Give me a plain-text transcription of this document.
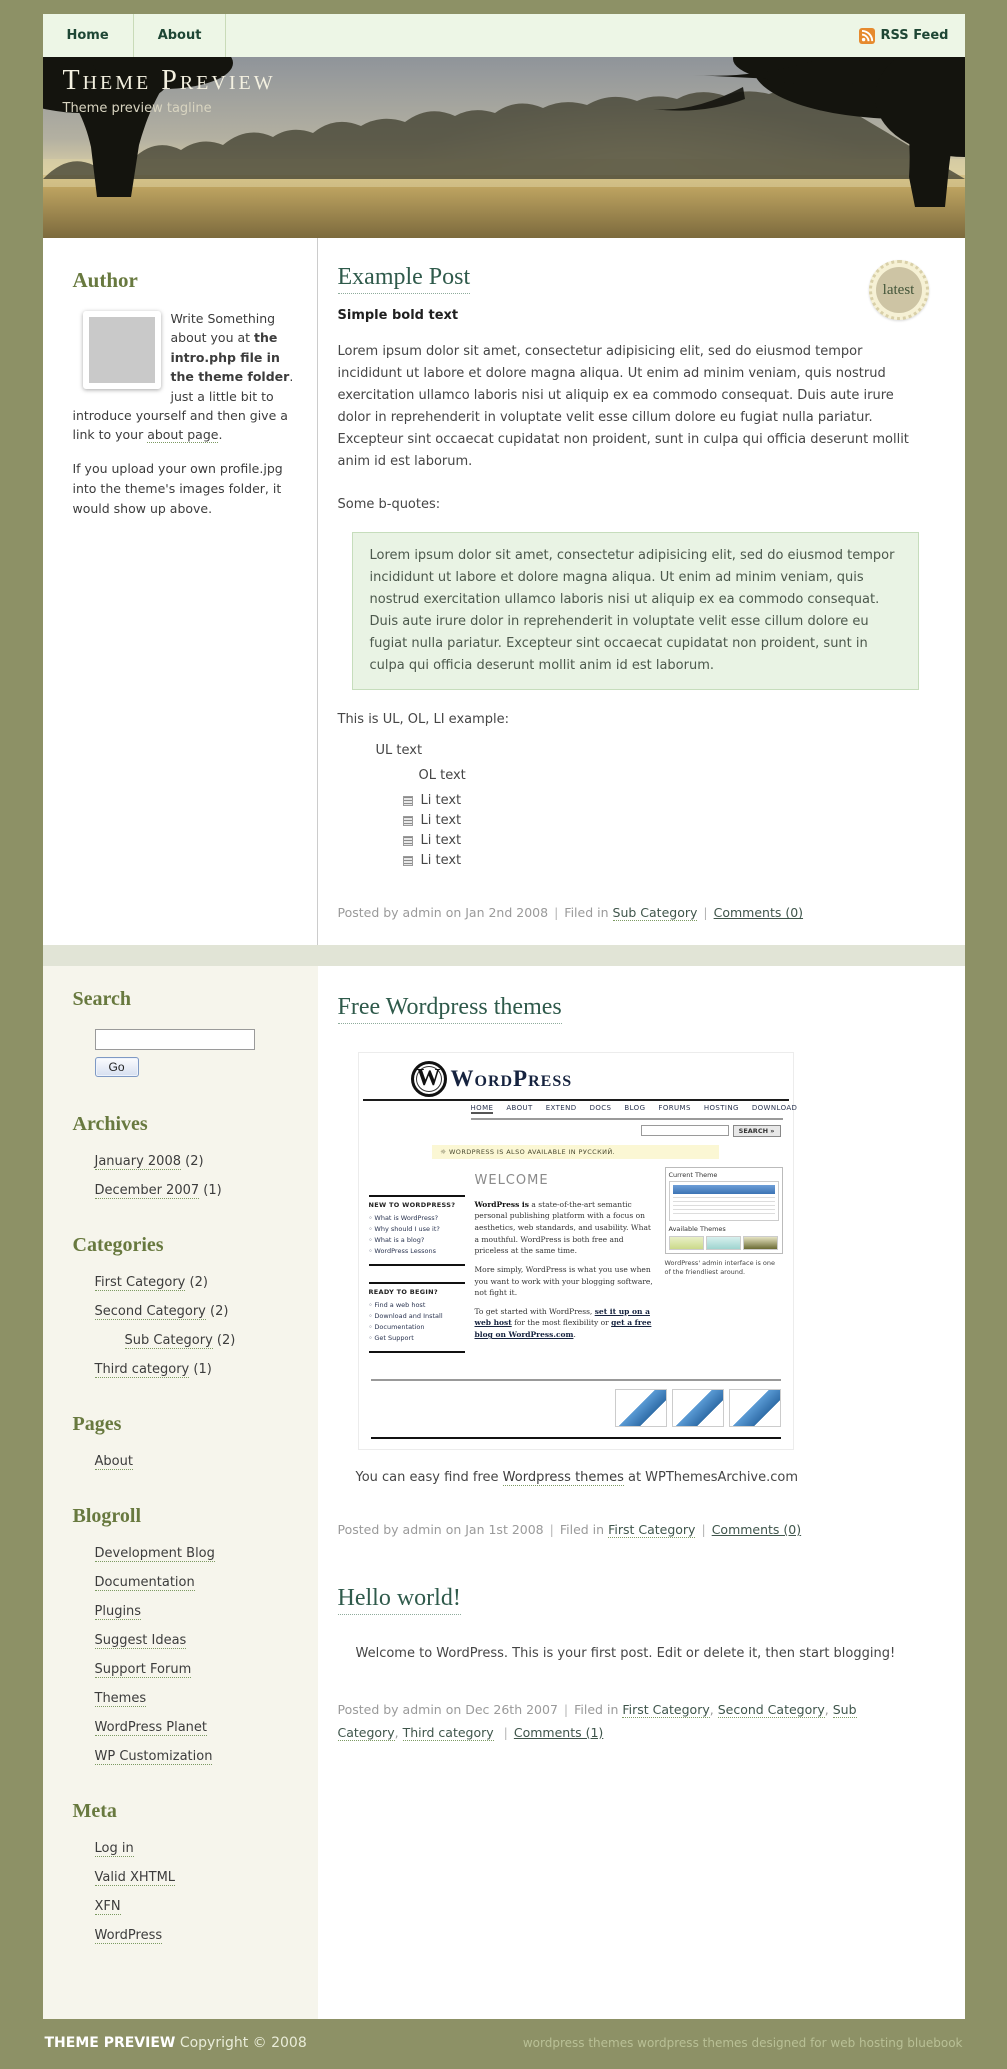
Home	About	RSS Feed
Theme Preview
Theme preview tagline
latest
Author
Write Something about you at the intro.php file in the theme folder. just a little bit to introduce yourself and then give a link to your about page.
If you upload your own profile.jpg into the theme's images folder, it would show up above.
Example Post
Simple bold text

Lorem ipsum dolor sit amet, consectetur adipisicing elit, sed do eiusmod tempor incididunt ut labore et dolore magna aliqua. Ut enim ad minim veniam, quis nostrud exercitation ullamco laboris nisi ut aliquip ex ea commodo consequat. Duis aute irure dolor in reprehenderit in voluptate velit esse cillum dolore eu fugiat nulla pariatur. Excepteur sint occaecat cupidatat non proident, sunt in culpa qui officia deserunt mollit anim id est laborum.

Some b-quotes:

Lorem ipsum dolor sit amet, consectetur adipisicing elit, sed do eiusmod tempor incididunt ut labore et dolore magna aliqua. Ut enim ad minim veniam, quis nostrud exercitation ullamco laboris nisi ut aliquip ex ea commodo consequat. Duis aute irure dolor in reprehenderit in voluptate velit esse cillum dolore eu fugiat nulla pariatur. Excepteur sint occaecat cupidatat non proident, sunt in culpa qui officia deserunt mollit anim id est laborum.

This is UL, OL, LI example:

UL text
OL text
Li text
Li text
Li text
Li text
Posted by admin on Jan 2nd 2008 | Filed in Sub Category | Comments (0)
Search
Go
Archives
January 2008 (2)
December 2007 (1)
Categories
First Category (2)
Second Category (2)
Sub Category (2)
Third category (1)
Pages
About
Blogroll
Development Blog
Documentation
Plugins
Suggest Ideas
Support Forum
Themes
WordPress Planet
WP Customization
Meta
Log in
Valid XHTML
XFN
WordPress
Free Wordpress themes
W WordPress
HOME ABOUT EXTEND DOCS BLOG FORUMS HOSTING DOWNLOAD
SEARCH »
☼ WORDPRESS IS ALSO AVAILABLE IN РУССКИЙ.
NEW TO WORDPRESS?
◦ What is WordPress?
◦ Why should I use it?
◦ What is a blog?
◦ WordPress Lessons
READY TO BEGIN?
◦ Find a web host
◦ Download and Install
◦ Documentation
◦ Get Support
WELCOME

WordPress is a state-of-the-art semantic personal publishing platform with a focus on aesthetics, web standards, and usability. What a mouthful. WordPress is both free and priceless at the same time.

More simply, WordPress is what you use when you want to work with your blogging software, not fight it.

To get started with WordPress, set it up on a web host for the most flexibility or get a free blog on WordPress.com.

Current Theme
Available Themes
WordPress' admin interface is one of the friendliest around.

You can easy find free Wordpress themes at WPThemesArchive.com

Posted by admin on Jan 1st 2008 | Filed in First Category | Comments (0)
Hello world!

Welcome to WordPress. This is your first post. Edit or delete it, then start blogging!

Posted by admin on Dec 26th 2007 | Filed in First Category , Second Category , Sub Category , Third category | Comments (1)
THEME PREVIEW Copyright © 2008	wordpress themes wordpress themes designed for web hosting bluebook
